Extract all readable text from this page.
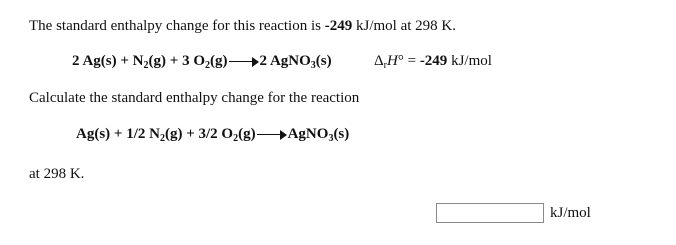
The standard enthalpy change for this reaction is -249 kJ/mol at 298 K.
2 $Ag(s) + N_2(g) + 3$ $O_2(g)$ 2 AgNO$_3$(s)	$\Delta_rH^\circ = -249$ kJ/mol
Calculate the standard enthalpy change for the reaction
Ag(s) + 1/2 $N_2(g) + 3/2$ $O_2(g)$ AgNO$_3$(s)
at 298 K.
kJ/mol
